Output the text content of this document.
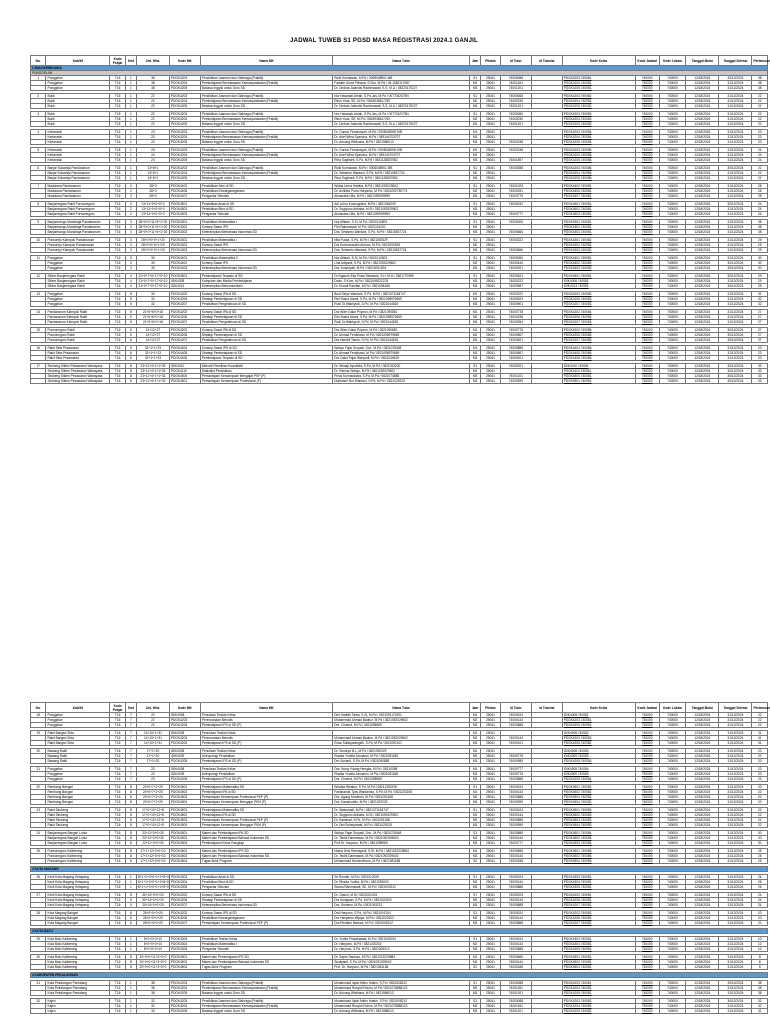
JADWAL TUWEB S1 PGSD MASA REGISTRASI 2024.1 GANJIL
No.	Kab/Kt	Kode Pokjar	Smt	Jml. Mhs.	Kode MK	Nama MK	Nama Tutor	Jam	Pilotas	Id Tutor	Id Tutorial	Kode Kelas	Kode Jadwal	Kode Lokasi	Tanggal Mulai	Tanggal Selesai	Pertemuan
1 BANJARNEGARA																	
PUNGGELAN																	
1	Punggelan	T16	1	38	PDGK4203	Pendidikan Jasmani dan Olahraga (Praktik)	Rizki Kurniawan, M.Pd / 0008048901 MB	S1	25041	74000088		PDGK4203.740081	740000	740000	12/18/2024	30/12/2024	38
	Punggelan	T16	1	38	PDGK4204	Pembelajaran Berwawasan Kemasyarakatan (Praktik)	Faridah Ulumi Fitriana, S.Sos, M.Pd / 08.1082117087	M2	25041	74001181		PDGK4204.740081	740000	740000	12/18/2024	31/12/2024	38
	Punggelan	T16	1	38	PDGK4205	Bahasa Inggris untuk Guru SD	Dr. Dedras Jalandis Rachmawati, S.S, M.Li / 08220175227	M3	25041	74001201		PDGK4205.740081	740000	740000	12/18/2024	31/12/2024	38

2	Bukit	T16	1	22	PDGK4203	Pendidikan Jasmani dan Olahraga (Praktik)	Nur Hasanah Arnah, S.Pd.Jas, M.Pd / 0077042075N	S1	25041	74000066		PDGK4203.740082	740000	740000	12/18/2024	31/12/2024	22
	Bukit	T16	1	22	PDGK4204	Pembelajaran Berwawasan Kemasyarakatan (Praktik)	Ritch Yoas, SE, M.Pd / 0815936817287	M2	25041	74000230		PDGK4204.740082	740000	740000	12/18/2024	31/12/2024	22
	Bukit	T16	1	22	PDGK4205	Bahasa Inggris untuk Guru SD	Dr. Dedras Jalandis Rachmawati, S.S, M.Li / 08220175227	M3	25041	74001201		PDGK4205.740082	740000	740000	12/18/2024	31/12/2024	22

3	Bukit	T18	1	22	PDGK4203	Pendidikan Jasmani dan Olahraga (Praktik)	Nur Hasanah Arnah, S.Pd.Jas, M.Pd / 0077042075N	S1	25041	74000066		PDGK4203.740083	740000	740000	12/18/2024	31/12/2024	22
	Bukit	T18	1	22	PDGK4204	Pembelajaran Berwawasan Kemasyarakatan (Praktik)	Ritch Yoas, SE, M.Pd / 0815936817287	M2	25041	74000230		PDGK4204.740083	740000	740000	12/18/2024	31/12/2024	22
	Bukit	T18	1	22	PDGK4205	Bahasa Inggris untuk Guru SD	Dr. Dedras Jalandis Rachmawati, S.S, M.Li / 08220175227	M3	25041	74001201		PDGK4205.740083	740000	740000	12/18/2024	31/12/2024	22

4	Kertanelai	T16	1	23	PDGK4203	Pendidikan Jasmani dan Olahraga (Praktik)	Dr. Gunrar Firmansyah, M.Pd / 0008048900 MB	M1	25041			PDGK4203.740084	740000	740000	12/18/2024	31/12/2024	23
	Kertanelai	T16	1	23	PDGK4204	Pembelajaran Berwawasan Kemasyarakatan (Praktik)	Dr. Arief Wina Syaricha, M.Pd / 08914470370T	M2	25041			PDGK4204.740084	740000	740000	12/18/2024	31/12/2024	23
	Kertanelai	T16	1	23	PDGK4205	Bahasa Inggris untuk Guru SD	Dr. Adoung Wibisana, M.Pd / 0821986013	M3	25041	74000238		PDGK4205.740084	740000	740000	12/18/2024	31/12/2024	23

5	Kertanelai	T18	1	24	PDGK4203	Pendidikan Jasmani dan Olahraga (Praktik)	Dr. Gunrar Firmansyah, M.Pd / 0008048900 MB	M1	25041	74000238		PDGK4203.740085	740000	740000	12/18/2024	31/12/2024	24
	Kertanelai	T18	1	24	PDGK4204	Pembelajaran Berwawasan Kemasyarakatan (Praktik)	Dr. Arief Wina Syaricha, M.Pd / 08914470370T	M2	25041			PDGK4204.740085	740000	740000	12/18/2024	31/12/2024	24
	Kertanelai	T18	1	24	PDGK4205	Bahasa Inggris untuk Guru SD	Rina Sugiharti, S.Pd, M.Pd / 0821128837982	M3	25041	74001897		PDGK4205.740085	740000	740000	12/18/2024	31/12/2024	24

6	Banjar Sukamija Pandanarum	T16	1	13+8+1	PDGK4203	Pendidikan Jasmani dan Olahraga (Praktik)	Rizki Kurniawan, M.Pd / 0008048901 MB	S1	25041	74000088		PDGK4203.740086	740000	740000	12/18/2024	30/12/2024	22
	Banjar Sukamija Pandanarum	T16	1	13+8+1	PDGK4204	Pembelajaran Berwawasan Kemasyarakatan (Praktik)	Dr. Setiamto Wardani, S.Pd, M.Pd / 08215837724	M2	25041			PDGK4204.740086	740000	740000	12/18/2024	31/12/2024	22
	Banjar Sukamija Pandanarum	T16	1	13+8+1	PDGK4205	Bahasa Inggris untuk Guru SD	Rina Sugiharti, S.Pd, M.Pd / 0821128837982	M3	25041			PDGK4205.740086	740000	740000	12/18/2024	31/12/2024	22

7	Madukara Pandanarum	T16	2	28+0	PDGK4402	Pendidikan Seni di SD	Widha Umra Habiba, M.Pd / 0821092029602	S1	25041	74001025		PDGK4402.740081	740000	740000	12/18/2024	31/12/2024	28
	Madukara Pandanarum	T16	2	28+0	PDGK4406	Pendidikan Kewarganegaraan	Dr. Achillea Putra Haryanto, M.Pd / 0821092750774	M2	25041	74000251		PDGK4406.740081	740000	740000	12/18/2024	31/12/2024	28
	Madukara Pandanarum	T16	2	28+0	PDGK4407	Pengantar Sekolah	Almanaka Ulfa, M.Pd / 0821090599999	M3	25041	74000779		PDGK4407.740081	740000	740000	12/18/2024	31/12/2024	28

8	Banjarnegara Rakit Purwonegoro	T16	2	13+11+0+0+0+0	PDGK4501	Pendidikan Anak di SD	Adi Luhur Kusnugraha, M.Pd / 0821064009	S1	25041	74000032		PDGK4501.740081	740000	740000	12/18/2024	30/12/2024	24
	Banjarnegara Rakit Purwonegoro	T16	2	13+11+0+0+0+0	PDGK4502	Pendidikan Bina di SD	Dr. Sugiyono Ardiaba, M.Si / 0821092529902	M2	25041			PDGK4502.740081	740000	740000	12/18/2024	31/12/2024	24
	Banjarnegara Rakit Purwonegoro	T16	2	13+11+0+0+0+0	PDGK4503	Pengantar Sekolah	Almanaka Ulfa, M.Pd / 0821090599999	M3	25041	74000777		PDGK4503.740081	740000	740000	12/18/2024	31/12/2024	24

9	Banjarmangu Mandiraja Pandanarum	T16	3	28+0+0+11+5+1+20	PDGK4301	Pendidikan Matematika I	Nur Alfiaah, S.Si, M.Pd / 0821010503	S1	25041	74000006		PDGK4301.740081	740000	740000	12/18/2024	31/12/2024	38
	Banjarmangu Mandiraja Pandanarum	T16	3	28+0+0+11+5+1+20	PDGK4302	Konsep Dasar IPS	Fitri Rahmawati, M.Pd / 0821101001	M2	25041			PDGK4302.740081	740000	740000	12/18/2024	31/12/2024	38
	Banjarmangu Mandiraja Pandanarum	T16	3	28+0+0+11+5+1+20	PDGK4303	Keterampilan Berbahasa Indonesia SD	Dra. Setiamto Wardani, S.Pd, M.Pd / 08215837724	M3	25041	74000666		PDGK4303.740081	740000	740000	12/18/2024	31/12/2024	38

10	Purworejo Klampok Pandanarum	T16	3	28+0+0+0+1+20	PDGK4301	Pendidikan Matematika I	Nila Fuska, S.Pd, M.Pd / 0821092529	S1	25041	74000222		PDGK4301.740082	740000	740000	12/18/2024	31/12/2024	29
	Purworejo Klampok Pandanarum	T16	3	28+0+0+0+1+20	PDGK4302	Konsep Dasar IPS	Drs Kusmanaudin Antono, M.Pd / 0821090528	M2	25041			PDGK4302.740082	740000	740000	12/18/2024	31/12/2024	29
	Purworejo Klampok Pandanarum	T16	3	28+0+0+0+1+20	PDGK4303	Keterampilan Berbahasa Indonesia SD	Dra. Setiamto Wardani, S.Pd, M.Pd / 08215837724	M3	25041	74000666		PDGK4303.740082	740000	740000	12/18/2024	31/12/2024	29

11	Punggelan	T16	3	30	PDGK4401	Pendidikan Matematika II	Nur Alfiaah, S.Si, M.Pd / 0821010503	S1	25041	74000006		PDGK4401.740081	740000	740000	12/18/2024	31/12/2024	30
	Punggelan	T16	3	30	PDGK4402	Konsep Dasar IPS	Lina Adiyanti, S.Pd, M.Pd / 0821092029602	M2	25041	74000444		PDGK4402.740083	740000	740000	12/18/2024	30/12/2024	30
	Punggelan	T16	3	30	PDGK4403	Keterampilan Berbahasa Indonesia SD	Drs. Kusmiyati, M.Pd / 08210091534	M3	25041	74000321		PDGK4403.740083	740000	740000	12/18/2024	30/12/2024	30

12	Sitlem Banjarnegara Rakit	T16	4	21+0+7+0+17+0+10	PDGK4501	Pembelajaran Terpadu di SD	Dr Nganuh Eka Putra Setiawan, S.H, M.H / 0821770989	S1	25041	74000521		PDGK4501.740081	740000	740000	12/18/2024	30/12/2024	29
	Sitlem Banjarnegara Rakit	T16	4	21+0+7+0+17+0+10	IDIK4008	Komputer dan Media Pembelajaran	Dodo, S.Kom, M.Pd / 0821099222278	M2	25041	74000222		IDIK4008.740081	740000	740000	12/18/2024	31/12/2024	29
	Sitlem Banjarnegara Rakit	T16	4	21+0+7+0+17+0+10	IDIK4013	Keterampilan Berkomunikasi	Dr. Ersadi Ranifan, M.Pd / 0821094486	M3	25041	74000987		IDIK4013.740081	740000	740000	12/18/2024	30/12/2024	29

13	Punggelan	T16	5	32	PDGK4202	Konsep Dasar IPA di SD	Budi Setyo Wardani, S.Pd, M.Pd / 0821071184747	M1	25041	74000222		PDGK4202.740083	740000	740000	12/18/2024	31/12/2024	32
	Punggelan	T16	5	32	PDGK4206	Strategi Pembelajaran di SD	Rini Raina Utami, S.Pd, M.Pd / 0821098979669	M2	25041	74000523		PDGK4206.740083	740000	740000	12/18/2024	31/12/2024	32
	Punggelan	T16	5	32	PDGK4207	Pendidikan Pengetahuan di SD	Rudi Ta Wakhyudi, S.Pd, M.Pd / 0821044528	M3	25041	74000901		PDGK4207.740083	740000	740000	12/18/2024	31/12/2024	32

14	Pandanarum Klampok Rakit	T16	5	21+0+6+0+18	PDGK4202	Konsep Dasar IPA di SD	Drs Wien Gatot Priyono, M.Pd / 0821090881	M1	25041	74000778		PDGK4202.740084	740000	740000	12/18/2024	31/12/2024	27
	Pandanarum Klampok Rakit	T16	5	21+0+6+0+18	PDGK4206	Strategi Pembelajaran di SD	Rini Raina Utami, S.Pd, M.Pd / 0821098979669	M2	25041	74000198		PDGK4206.740084	740000	740000	12/18/2024	31/12/2024	27
	Pandanarum Klampok Rakit	T16	5	21+0+6+0+18	PDGK4207	Pendidikan Pengetahuan di SD	Rudi Ta Wakhyudi, S.Pd, M.Pd / 0821044528	M3	25041	74000954		PDGK4207.740084	740000	740000	12/18/2024	31/12/2024	27

15	Purwonegoro Rakit	T16	6	14+12+27	PDGK4202	Konsep Dasar IPA di SD	Drs Wien Gatot Priyono, M.Pd / 0821090881	M1	25041	74000778		PDGK4202.740085	740000	740000	12/18/2024	30/12/2024	27
	Purwonegoro Rakit	T16	6	14+12+27	PDGK4206	Strategi Pembelajaran di SD	Dr. Ahmad Ferdinand, M.Pd / 0821098979669	M2	25041	74000567		PDGK4206.740085	740000	740000	12/18/2024	30/12/2024	27
	Purwonegoro Rakit	T16	6	14+12+27	PDGK4207	Pendidikan Pengetahuan di SD	Drs Haedhi Tamtu, S.Pd, M.Pd / 0821044528	M3	25041	74000821		PDGK4207.740085	740000	740000	12/18/2024	30/12/2024	27

16	Rakit Sirta Pesawaran	T16	6	32+1+1+23	PDGK4404	Konsep Dasar IPS di SD	Wahyu Fajar Suryadi, Dra., M.Pd / 0821078448	M1	25041	74000888		PDGK4404.740086	740000	740000	12/18/2024	31/12/2024	23
	Rakit Sirta Pesawaran	T16	6	32+1+1+23	PDGK4405	Strategi Pembelajaran di SD	Dr. Ahmad Ferdinand, M.Pd / 0821098979669	M2	25041	74000567		PDGK4405.740086	740000	740000	12/18/2024	31/12/2024	23
	Rakit Sirta Pesawaran	T16	6	32+1+1+23	PDGK4406	Pembelajaran Terpadu di SD	Drs Gatot Fajar Wahyudi, M.Pd / 0821044528	M3	25041	74000921		PDGK4406.740086	740000	740000	12/18/2024	31/12/2024	23

17	Sirukeng Sitlem Pesawaran Wanayasa	T16	8	23+11+4+1+1+33	IDIK4010	Metode Penelitian Kuantitatif	Dr. Winarji Ayudhita, S.Pd, M.Pd / 0821093200	S1	25041	74000021		IDIK4010.740081	740000	740000	12/18/2024	30/12/2024	33
	Sirukeng Sitlem Pesawaran Wanayasa	T16	8	23+11+4+1+1+33	PDGK4110	Statistika Pendidikan	Dr. Rahina Wahyu, M.Pd / 0821092029602	M2	25041			PDGK4110.740081	740000	740000	12/18/2024	30/12/2024	33
	Sirukeng Sitlem Pesawaran Wanayasa	T16	8	23+11+4+1+1+33	PDGK4500	Pemantapan Kemampuan Mengajar PKP (P)	Pinus Kurnawinata, S.Pd, M.Pd / 0821074888	M3	25041	74001101		PDGK4500.740081	740000	740000	12/18/2024	30/12/2024	33
	Sirukeng Sitlem Pesawaran Wanayasa	T16	8	23+11+4+1+1+33	PDGK4501	Pemantapan Kemampuan Profesional (P)	Nurhasmi Nur Wardani, S.Pd, M.Pd / 0821029225	M3	25041	74000999		PDGK4501.740081	740000	740000	12/18/2024	30/12/2024	33
No.	Kab/Kt	Kode Pokjar	Smt	Jml. Mhs.	Kode MK	Nama MK	Nama Tutor	Jam	Pilotas	Id Tutor	Id Tutorial	Kode Kelas	Kode Jadwal	Kode Lokasi	Tanggal Mulai	Tanggal Selesai	Pertemuan
18	Punggelan	T16	7	22	IDIK4008	Penulisan Tesilan Kelas	Dini Harifah Tama, S.Si, M.Pd / 0821091171901	M1	25041	74000024		IDIK4008.740081	740000	740000	12/18/2024	31/12/2024	22
	Punggelan	T16	7	22	PDGK4203	Perencanaan Menulis	Muhammad Ahmad Badruz, M.Pd / 0821092029602	M2	25041	74000144		PDGK4203.740081	740000	740000	12/18/2024	31/12/2024	22
	Punggelan	T16	7	22	PDGK4205	Pembelajaran IPS di SD (P)	Drs. Chaerul, M.Pd / 0821098989	M3	25041	74000888		PDGK4205.740081	740000	740000	12/18/2024	31/12/2024	22

19	Rakit Bangsri Sirta	T16	7	14+10+1+31	IDIK4008	Penulisan Tesilan Kelas		M1	25041			IDIK4008.740082	740000	740000	12/18/2024	31/12/2024	31
	Rakit Bangsri Sirta	T16	7	14+10+1+31	PDGK4203	Perencanaan Menulis	Muhammad Ahmad Badruz, M.Pd / 0821092029602	M2	25041	74000144		PDGK4203.740082	740000	740000	12/18/2024	31/12/2024	31
	Rakit Bangsri Sirta	T16	7	14+10+1+31	PDGK4205	Pembelajaran IPS di SD (P)	Rosa Sulistyaningsih, S.Pd, M.Pd / 0821091101	M3	25041	74000101		PDGK4205.740082	740000	740000	12/18/2024	31/12/2024	31

20	Bawang Rakit	T16	7	17+1+20	IDIK4008	Penulisan Tesilan Kelas	Dr. Sunaryo B.L, M.Pd / 0821092029	M1	25041			IDIK4008.740083	740000	740000	12/18/2024	31/12/2024	20
	Bawang Rakit	T16	7	17+1+20	IDIK4009	Antropologi Pendidikan	Rhaika Ynolita Jannanin, M.Pd / 0821081188	M2	25041	74000778		IDIK4009.740083	740000	740000	12/18/2024	31/12/2024	20
	Bawang Rakit	T16	7	17+1+20	PDGK4205	Pembelajaran IPS di SD (P)	Drh Susanti, S.Pd, M.Pd / 0821080858	M3	25041	74000985		PDGK4205.740083	740000	740000	12/18/2024	31/12/2024	20

21	Punggelan	T16	7	23	IDIK4008	Penulisan Tesilan Kelas	Dra. Nong Yulang Hengka, M.Pd / 08210098	M1	25041	74000777		IDIK4008.740084	740000	740000	12/18/2024	31/12/2024	23
	Punggelan	T16	7	23	IDIK4009	Antropologi Pendidikan	Rhaika Ynolita Jannanin, M.Pd / 0821081188	M2	25041	74000778		IDIK4009.740084	740000	740000	12/18/2024	31/12/2024	23
	Punggelan	T16	7	23	PDGK4205	Pembelajaran IPS di SD (P)	Drs. Chaerul, M.Pd / 0821098989	M3	25041	74000888		PDGK4205.740084	740000	740000	12/18/2024	31/12/2024	23

22	Rembang Bangsri	T16	8	20+0+7+2+20	PDGK4501	Pembelajaran Matematika SD	Wiratka Wiratna, S.Pd, M.Pd / 08211300208	S1	25041	74000024		PDGK4501.740082	740000	740000	12/18/2024	31/12/2024	20
	Rembang Bangsri	T16	8	20+0+7+2+20	PDGK4502	Pembelajaran IPA di SD	Fardinanda Tyas Wardanisa, S.Pd, M.Pd / 0821103208	M1	25041	74000144		PDGK4502.740082	740000	740000	12/18/2024	31/12/2024	20
	Rembang Bangsri	T16	8	20+0+7+2+20	PDGK4503	Pemantapan Kemampuan Profesional PKP (P)	Drs. Agung Muslimin, M.Pd / 0821091188	M2	25041	74000888		PDGK4503.740082	740000	740000	12/18/2024	31/12/2024	20
	Rembang Bangsri	T16	8	20+0+7+2+20	PDGK4504	Pemantapan Kemampuan Mengajar PKM (P)	Drs. Kamaluddin, M.Pd / 0821029225	M3	25041	74000999		PDGK4504.740082	740000	740000	12/18/2024	31/12/2024	20

23	Rakit Sirukeng	T16	8	17+0+10+12+8	PDGK4501	Pembelajaran Matematika SD	Dr. Wawuhadi, M.Pd / 0821071184747	S1	25041	74000024		PDGK4501.740083	740000	740000	12/18/2024	31/12/2024	22
	Rakit Sirukeng	T16	8	17+0+10+12+8	PDGK4502	Pembelajaran IPA di SD	Dr. Sugiyono Ardiaba, M.Si / 0821092529902	M1	25041	74000144		PDGK4502.740083	740000	740000	12/18/2024	31/12/2024	22
	Rakit Sirukeng	T16	8	17+0+10+12+8	PDGK4503	Pemantapan Kemampuan Profesional PKP (P)	Dr. Kaminati, S.Pd, M.Pd / 0821091188	M2	25041	74000888		PDGK4503.740083	740000	740000	12/18/2024	31/12/2024	22
	Rakit Sirukeng	T16	8	17+0+10+12+8	PDGK4504	Pemantapan Kemampuan Mengajar PKM (P)	Dr. Dwi Sulistyowati, M.Pd / 0821029225	M3	25041	74000999		PDGK4504.740083	740000	740000	12/18/2024	31/12/2024	22

24	Banjarnegara Bangsri Luhur	T16	8	23+11+3+0+30	PDGK4501	Materi dan Pembelajaran IPA SD	Wahyu Fajar Suryadi, Dra., M.Pd / 0821078448	S1	25041	74000888		PDGK4501.740084	740000	740000	12/18/2024	31/12/2024	30
	Banjarnegara Bangsri Luhur	T16	8	23+11+3+0+30	PDGK4502	Materi dan Pembelajaran Bahasa Indonesia SD	Dr. Teuliti Darmawan, M.Pd / 0821092029602	M1	25041	74000144		PDGK4502.740084	740000	740000	12/18/2024	31/12/2024	30
	Banjarnegara Bangsri Luhur	T16	8	23+11+3+0+30	PDGK4503	Pembelajaran Kelas Rangkap	Prof Dr. Haryono, M.Pd / 0821098989	M3	25041	74000777		PDGK4503.740084	740000	740000	12/18/2024	31/12/2024	30

25	Purwonegoro Kalibening	T16	8	17+1+12+3+0+10	PDGK4501	Materi dan Pembelajaran IPS SD	Nurna Desi Ramayanti, S.Si, M.Pd / 0821022229884	M1	25041	74000666		PDGK4501.740085	740000	740000	12/18/2024	31/12/2024	25
	Purwonegoro Kalibening	T16	8	17+1+12+3+0+10	PDGK4502	Materi dan Pembelajaran Bahasa Indonesia SD	Dr. Teuliti Darmawan, M.Pd / 0821092029602	M2	25041	74000144		PDGK4502.740085	740000	740000	12/18/2024	31/12/2024	25
	Purwonegoro Kalibening	T16	8	17+1+12+3+0+10	PDGK4504	Tugas Akhir Program	Muhammad Noviandhono, M.Pd / 0821081188	S2	25041	74000188		PDGK4504.740085	740000	740000	12/18/2024	31/12/2024	25

2 KOTA MAGANG																	

26	Kecil Kota Magang Ketapang	T16	1	8+1+1+0+0+1+0+8+0	PDGK4303	Pendidikan Anak di SD	Sri Rumah, M.Pd / 0821012025	S1	25041	74000024		PDGK4303.740081	740000	740000	12/18/2024	31/12/2024	26
	Kecil Kota Magang Ketapang	T16	1	8+1+1+0+0+1+0+8+0	PDGK4304	Pendidikan Bina di SD	Dr. Rhaika Yudha, M.Pd / 0821093002	M2	25041	74000144		PDGK4304.740081	740000	740000	12/18/2024	31/12/2024	26
	Kecil Kota Magang Ketapang	T16	1	8+1+1+0+0+1+0+8+0	PDGK4305	Pengantar Sekolah	Sriana Rahmawati, SE, M.Pd / 0821009212	M3	25041	74000888		PDGK4305.740081	740000	740000	12/18/2024	31/12/2024	26

27	Kecil Kota Magang Ketapang	T16	5	30+14+0+0+20	PDGK4202	Konsep Dasar IPA di SD	Dr. Gasori, M.Si / 0821001204	S1	25041	74000024		PDGK4202.740081	740000	740000	12/18/2024	31/12/2024	24
	Kecil Kota Magang Ketapang	T16	5	30+14+0+0+20	PDGK4206	Strategi Pembelajaran di SD	Drs Kunjayan, S.Pd, M.Pd / 0821020202	M2	25041	74000144		PDGK4206.740081	740000	740000	12/18/2024	31/12/2024	24
	Kecil Kota Magang Ketapang	T16	5	30+14+0+0+20	PDGK4207	Keterampilan Berbahasa Indonesia SD	Drs. Sutrisno, M.Pd / 0821009212	M3	25041	74000888		PDGK4207.740081	740000	740000	12/18/2024	31/12/2024	24

28	Kota Magang Bangsri	T16	6	28+0+0+0+20	PDGK4202	Konsep Dasar IPS di SD	Dwi Haryono, S.Pd, M.Pd / 0821001204	S1	25041	74000024		PDGK4202.740082	740000	740000	12/18/2024	31/12/2024	20
	Kota Magang Bangsri	T16	6	28+0+0+0+20	PDGK4206	Pendidikan Kewarganegaraan	Drs Hariyanto Wijaya, M.Pd / 0821020202	M2	25041	74000144		PDGK4206.740082	740000	740000	12/18/2024	31/12/2024	20
	Kota Magang Bangsri	T16	6	28+0+0+0+20	PDGK4207	Pemantapan Kemampuan Profesional PKP (P)	Dra Rindiani Martani, M.Pd / 0821009212	M3	25041	74000888		PDGK4207.740082	740000	740000	12/18/2024	31/12/2024	20

3 KOTA BATU																	

29	Kota Batu Kalibening	T16	1	8+0+0+0+10	PDGK4303	Pendidikan Tesilan Kelas	Dr. Yunita Prasetiawati, M.Pd / 0821002004	S1	25041	74000024		PDGK4303.740081	740000	740000	12/18/2024	31/12/2024	10
	Kota Batu Kalibening	T16	1	8+0+0+0+10	PDGK4304	Pendidikan Matematika I	Dr. Hariyono, M.Pd / 0821020202	M2	25041	74000144		PDGK4304.740081	740000	740000	12/18/2024	31/12/2024	10
	Kota Batu Kalibening	T16	1	8+0+0+0+10	PDGK4305	Pengantar Sekolah	Dr. Haryono, S.Pd, M.Pd / 0821009212	M3	25041	74000888		PDGK4305.740081	740000	740000	12/18/2024	31/12/2024	10

30	Kota Batu Kalibening	T16	8	20+0+0+11+3+0+0	PDGK4501	Materi dan Pembelajaran IPS SD	Dr. Sapto Santoso, M.Pd / 0821022229884	M1	25041	74000666		PDGK4501.740081	740000	740000	12/18/2024	31/12/2024	8
	Kota Batu Kalibening	T16	8	20+0+0+11+3+0+0	PDGK4502	Materi dan Pembelajaran Bahasa Indonesia SD	Sisdiyanti, S.Pd, M.Pd / 0821092029602	M2	25041	74000144		PDGK4502.740081	740000	740000	12/18/2024	31/12/2024	8
	Kota Batu Kalibening	T16	8	20+0+0+11+3+0+0	PDGK4504	Tugas Akhir Program	Prof. Dr. Haryono, M.Pd / 0821081188	S2	25041	74000188		PDGK4504.740081	740000	740000	12/18/2024	31/12/2024	8

4 KABUPATEN PEKALONGAN																	

31	Kota Pekalongan Pemalang	T16	1	38	PDGK4203	Pendidikan Jasmani dan Olahraga (Praktik)	Muhammad Iqbal Arifun Hakim, S.Pd / 0821008212	S1	25041	74000088		PDGK4203.740081	740000	740000	12/18/2024	30/12/2024	38
	Kota Pekalongan Pemalang	T16	1	38	PDGK4204	Pembelajaran Berwawasan Kemasyarakatan (Praktik)	Muhammad Rosyidi Rohim, M.Pd / 0821078888123	M2	25041	74001181		PDGK4204.740081	740000	740000	12/18/2024	31/12/2024	38
	Kota Pekalongan Pemalang	T16	1	38	PDGK4205	Bahasa Inggris untuk Guru SD	Dr. Adoung Wibisana, M.Pd / 0821986013	M3	25041	74001201		PDGK4205.740081	740000	740000	12/18/2024	31/12/2024	38

32	Kajen	T16	1	32	PDGK4203	Pendidikan Jasmani dan Olahraga (Praktik)	Muhammad Iqbal Arifun Hakim, S.Pd / 0821008212	S1	25041	74000088		PDGK4203.740082	740000	740000	12/18/2024	30/12/2024	32
	Kajen	T16	1	32	PDGK4204	Pembelajaran Berwawasan Kemasyarakatan (Praktik)	Muhammad Rosyidi Rohim, M.Pd / 0821078888123	M2	25041	74001181		PDGK4204.740082	740000	740000	12/18/2024	31/12/2024	32
	Kajen	T16	1	32	PDGK4205	Bahasa Inggris untuk Guru SD	Dr. Adoung Wibisana, M.Pd / 0821986013	M3	25041	74001201		PDGK4205.740082	740000	740000	12/18/2024	31/12/2024	32
